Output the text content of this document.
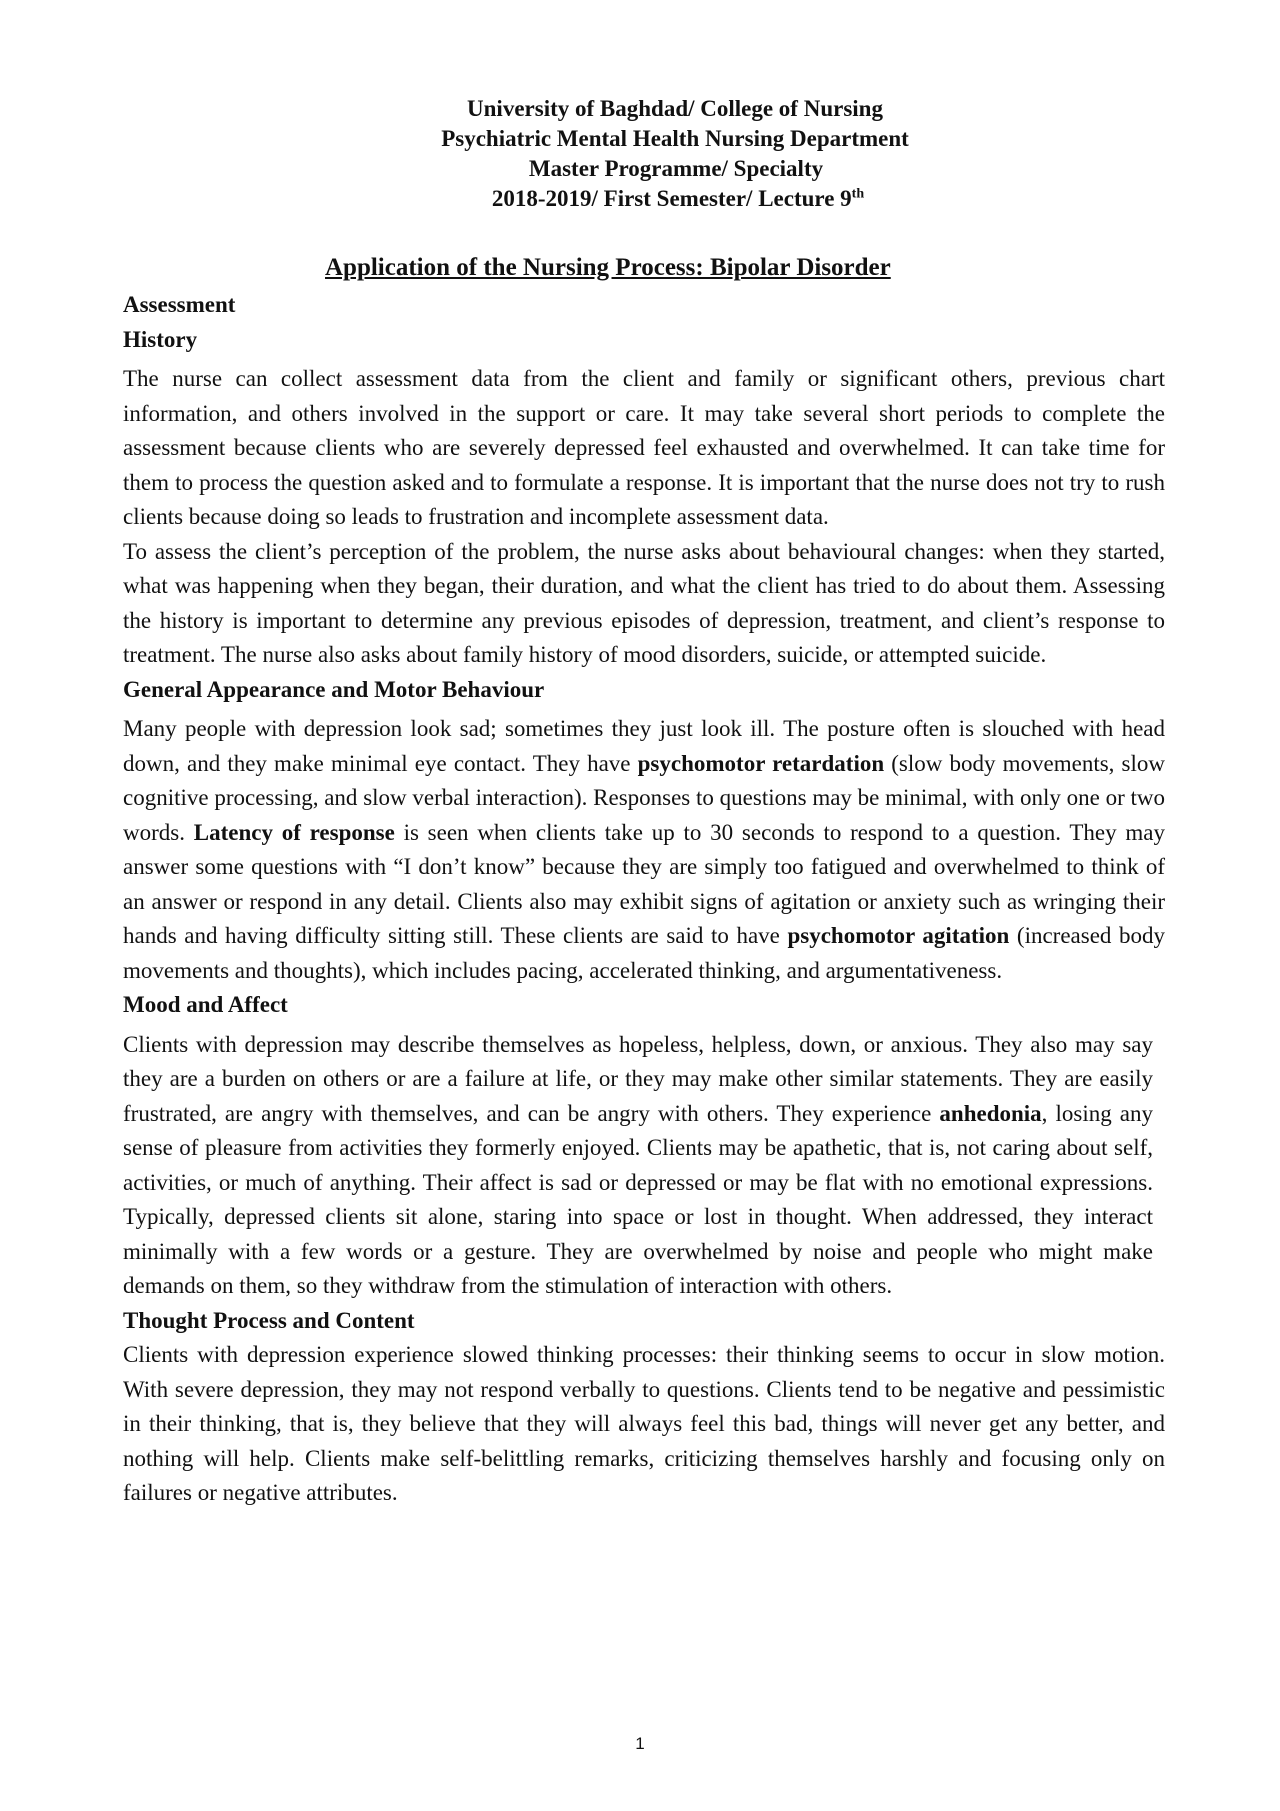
University of Baghdad/ College of Nursing
Psychiatric Mental Health Nursing Department
Master Programme/ Specialty
2018-2019/ First Semester/ Lecture 9th
Application of the Nursing Process: Bipolar Disorder

Assessment

History

The nurse can collect assessment data from the client and family or significant others, previous chart information, and others involved in the support or care. It may take several short periods to complete the assessment because clients who are severely depressed feel exhausted and overwhelmed. It can take time for them to process the question asked and to formulate a response. It is important that the nurse does not try to rush clients because doing so leads to frustration and incomplete assessment data.

To assess the client’s perception of the problem, the nurse asks about behavioural changes: when they started, what was happening when they began, their duration, and what the client has tried to do about them. Assessing the history is important to determine any previous episodes of depression, treatment, and client’s response to treatment. The nurse also asks about family history of mood disorders, suicide, or attempted suicide.

General Appearance and Motor Behaviour

Many people with depression look sad; sometimes they just look ill. The posture often is slouched with head down, and they make minimal eye contact. They have psychomotor retardation (slow body movements, slow cognitive processing, and slow verbal interaction). Responses to questions may be minimal, with only one or two words. Latency of response is seen when clients take up to 30 seconds to respond to a question. They may answer some questions with “I don’t know” because they are simply too fatigued and overwhelmed to think of an answer or respond in any detail. Clients also may exhibit signs of agitation or anxiety such as wringing their hands and having difficulty sitting still. These clients are said to have psychomotor agitation (increased body movements and thoughts), which includes pacing, accelerated thinking, and argumentativeness.

Mood and Affect

Clients with depression may describe themselves as hopeless, helpless, down, or anxious. They also may say they are a burden on others or are a failure at life, or they may make other similar statements. They are easily frustrated, are angry with themselves, and can be angry with others. They experience anhedonia, losing any sense of pleasure from activities they formerly enjoyed. Clients may be apathetic, that is, not caring about self, activities, or much of anything. Their affect is sad or depressed or may be flat with no emotional expressions. Typically, depressed clients sit alone, staring into space or lost in thought. When addressed, they interact minimally with a few words or a gesture. They are overwhelmed by noise and people who might make demands on them, so they withdraw from the stimulation of interaction with others.

Thought Process and Content

Clients with depression experience slowed thinking processes: their thinking seems to occur in slow motion. With severe depression, they may not respond verbally to questions. Clients tend to be negative and pessimistic in their thinking, that is, they believe that they will always feel this bad, things will never get any better, and nothing will help. Clients make self-belittling remarks, criticizing themselves harshly and focusing only on failures or negative attributes.

1
